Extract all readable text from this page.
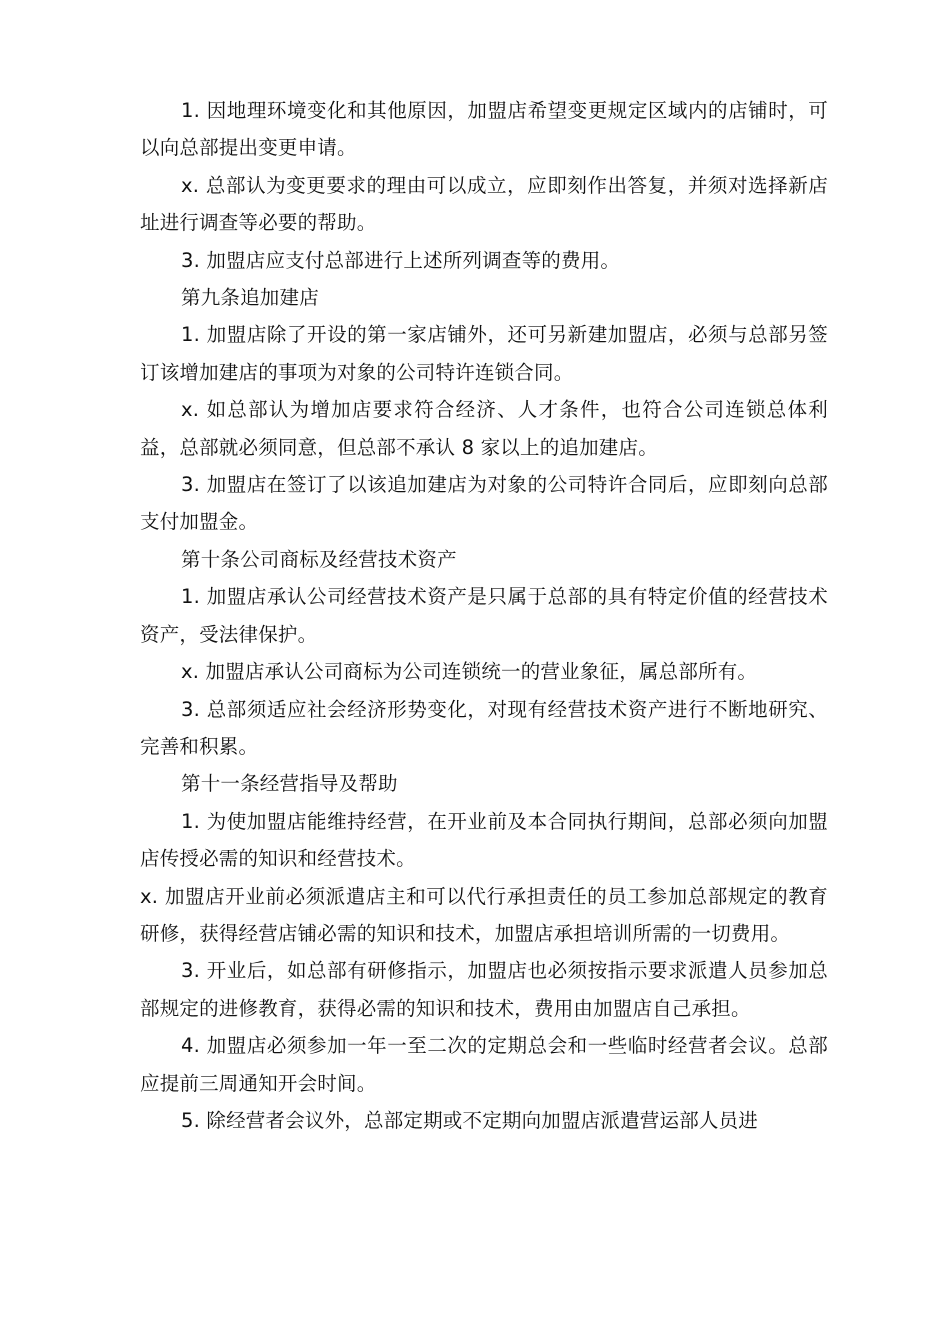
1. 因地理环境变化和其他原因，加盟店希望变更规定区域内的店铺时，可以向总部提出变更申请。

x. 总部认为变更要求的理由可以成立，应即刻作出答复，并须对选择新店址进行调查等必要的帮助。

3. 加盟店应支付总部进行上述所列调查等的费用。

第九条追加建店

1. 加盟店除了开设的第一家店铺外，还可另新建加盟店，必须与总部另签订该增加建店的事项为对象的公司特许连锁合同。

x. 如总部认为增加店要求符合经济、人才条件，也符合公司连锁总体利益，总部就必须同意，但总部不承认 8 家以上的追加建店。

3. 加盟店在签订了以该追加建店为对象的公司特许合同后，应即刻向总部支付加盟金。

第十条公司商标及经营技术资产

1. 加盟店承认公司经营技术资产是只属于总部的具有特定价值的经营技术资产，受法律保护。

x. 加盟店承认公司商标为公司连锁统一的营业象征，属总部所有。

3. 总部须适应社会经济形势变化，对现有经营技术资产进行不断地研究、完善和积累。

第十一条经营指导及帮助

1. 为使加盟店能维持经营，在开业前及本合同执行期间，总部必须向加盟店传授必需的知识和经营技术。

x. 加盟店开业前必须派遣店主和可以代行承担责任的员工参加总部规定的教育研修，获得经营店铺必需的知识和技术，加盟店承担培训所需的一切费用。

3. 开业后，如总部有研修指示，加盟店也必须按指示要求派遣人员参加总部规定的进修教育，获得必需的知识和技术，费用由加盟店自己承担。

4. 加盟店必须参加一年一至二次的定期总会和一些临时经营者会议。总部应提前三周通知开会时间。

5. 除经营者会议外，总部定期或不定期向加盟店派遣营运部人员进
